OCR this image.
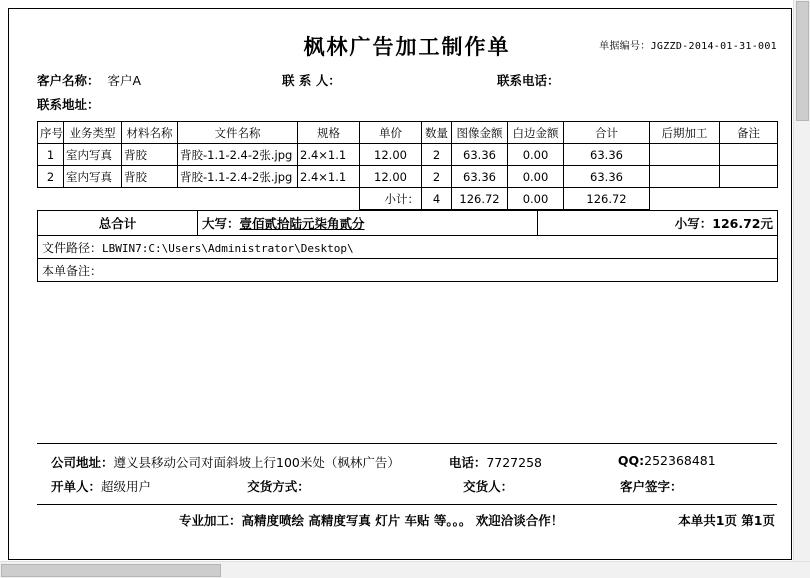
单据编号：JGZZD-2014-01-31-001
枫林广告加工制作单
客户名称： 客户A	联 系 人：	联系电话：
联系地址：
序号	业务类型	材料名称	文件名称	规格	单价	数量	图像金额	白边金额	合计	后期加工	备注
1	室内写真	背胶	背胶-1.1-2.4-2张.jpg	2.4×1.1	12.00	2	63.36	0.00	63.36		
2	室内写真	背胶	背胶-1.1-2.4-2张.jpg	2.4×1.1	12.00	2	63.36	0.00	63.36		
					小计：	4	126.72	0.00	126.72		
总合计	大写：壹佰贰拾陆元柒角贰分	小写：126.72元
文件路径：LBWIN7:C:\Users\Administrator\Desktop\
本单备注：
公司地址：遵义县移动公司对面斜坡上行100米处（枫林广告）	电话：7727258	QQ:252368481
开单人：超级用户	交货方式：	交货人：	客户签字：
专业加工：高精度喷绘 高精度写真 灯片 车贴 等。。。 欢迎洽谈合作！	本单共1页 第1页
